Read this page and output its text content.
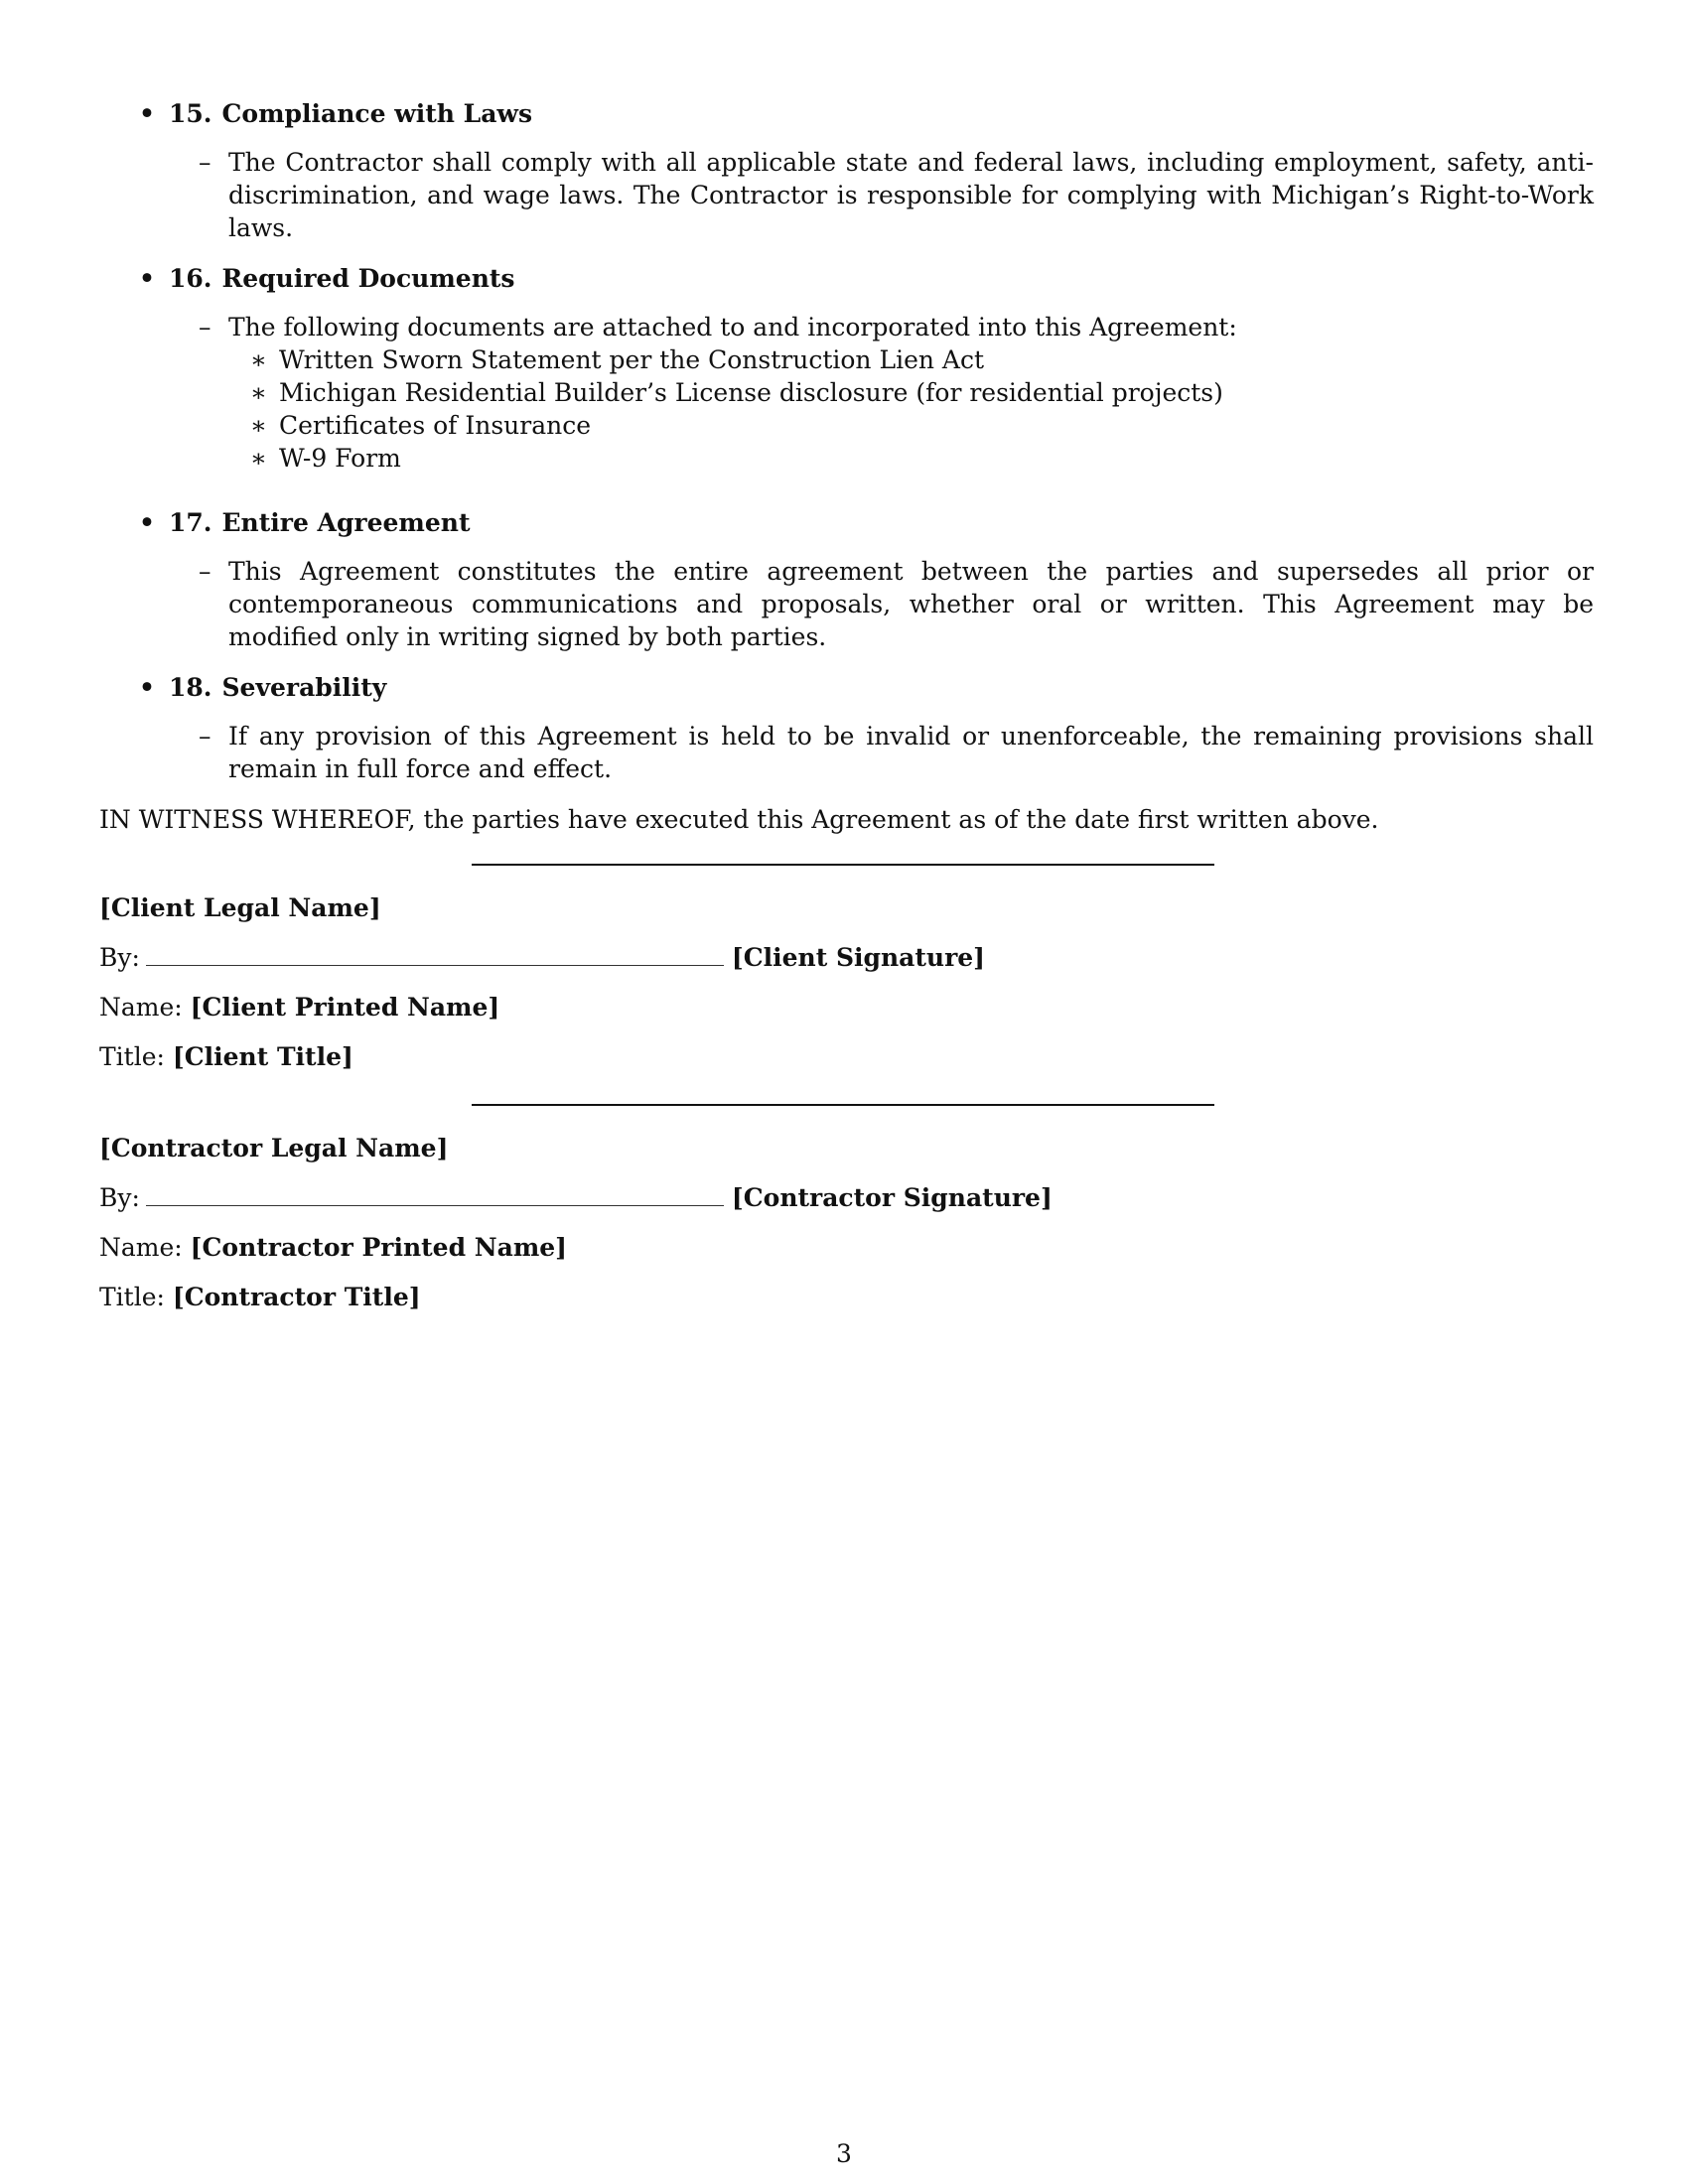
• 15. Compliance with Laws
– The Contractor shall comply with all applicable state and federal laws, including employment, safety, anti-discrimination, and wage laws. The Contractor is responsible for complying with Michigan’s Right-to-Work laws.
• 16. Required Documents
– The following documents are attached to and incorporated into this Agreement:
∗ Written Sworn Statement per the Construction Lien Act
∗ Michigan Residential Builder’s License disclosure (for residential projects)
∗ Certificates of Insurance
∗ W-9 Form
• 17. Entire Agreement
– This Agreement constitutes the entire agreement between the parties and supersedes all prior or contemporaneous communications and proposals, whether oral or written. This Agreement may be modified only in writing signed by both parties.
• 18. Severability
– If any provision of this Agreement is held to be invalid or unenforceable, the remaining provisions shall remain in full force and effect.

IN WITNESS WHEREOF, the parties have executed this Agreement as of the date first written above.

[Client Legal Name]
By:	[Client Signature]
Name: [Client Printed Name]
Title: [Client Title]
[Contractor Legal Name]
By:	[Contractor Signature]
Name: [Contractor Printed Name]
Title: [Contractor Title]
3
